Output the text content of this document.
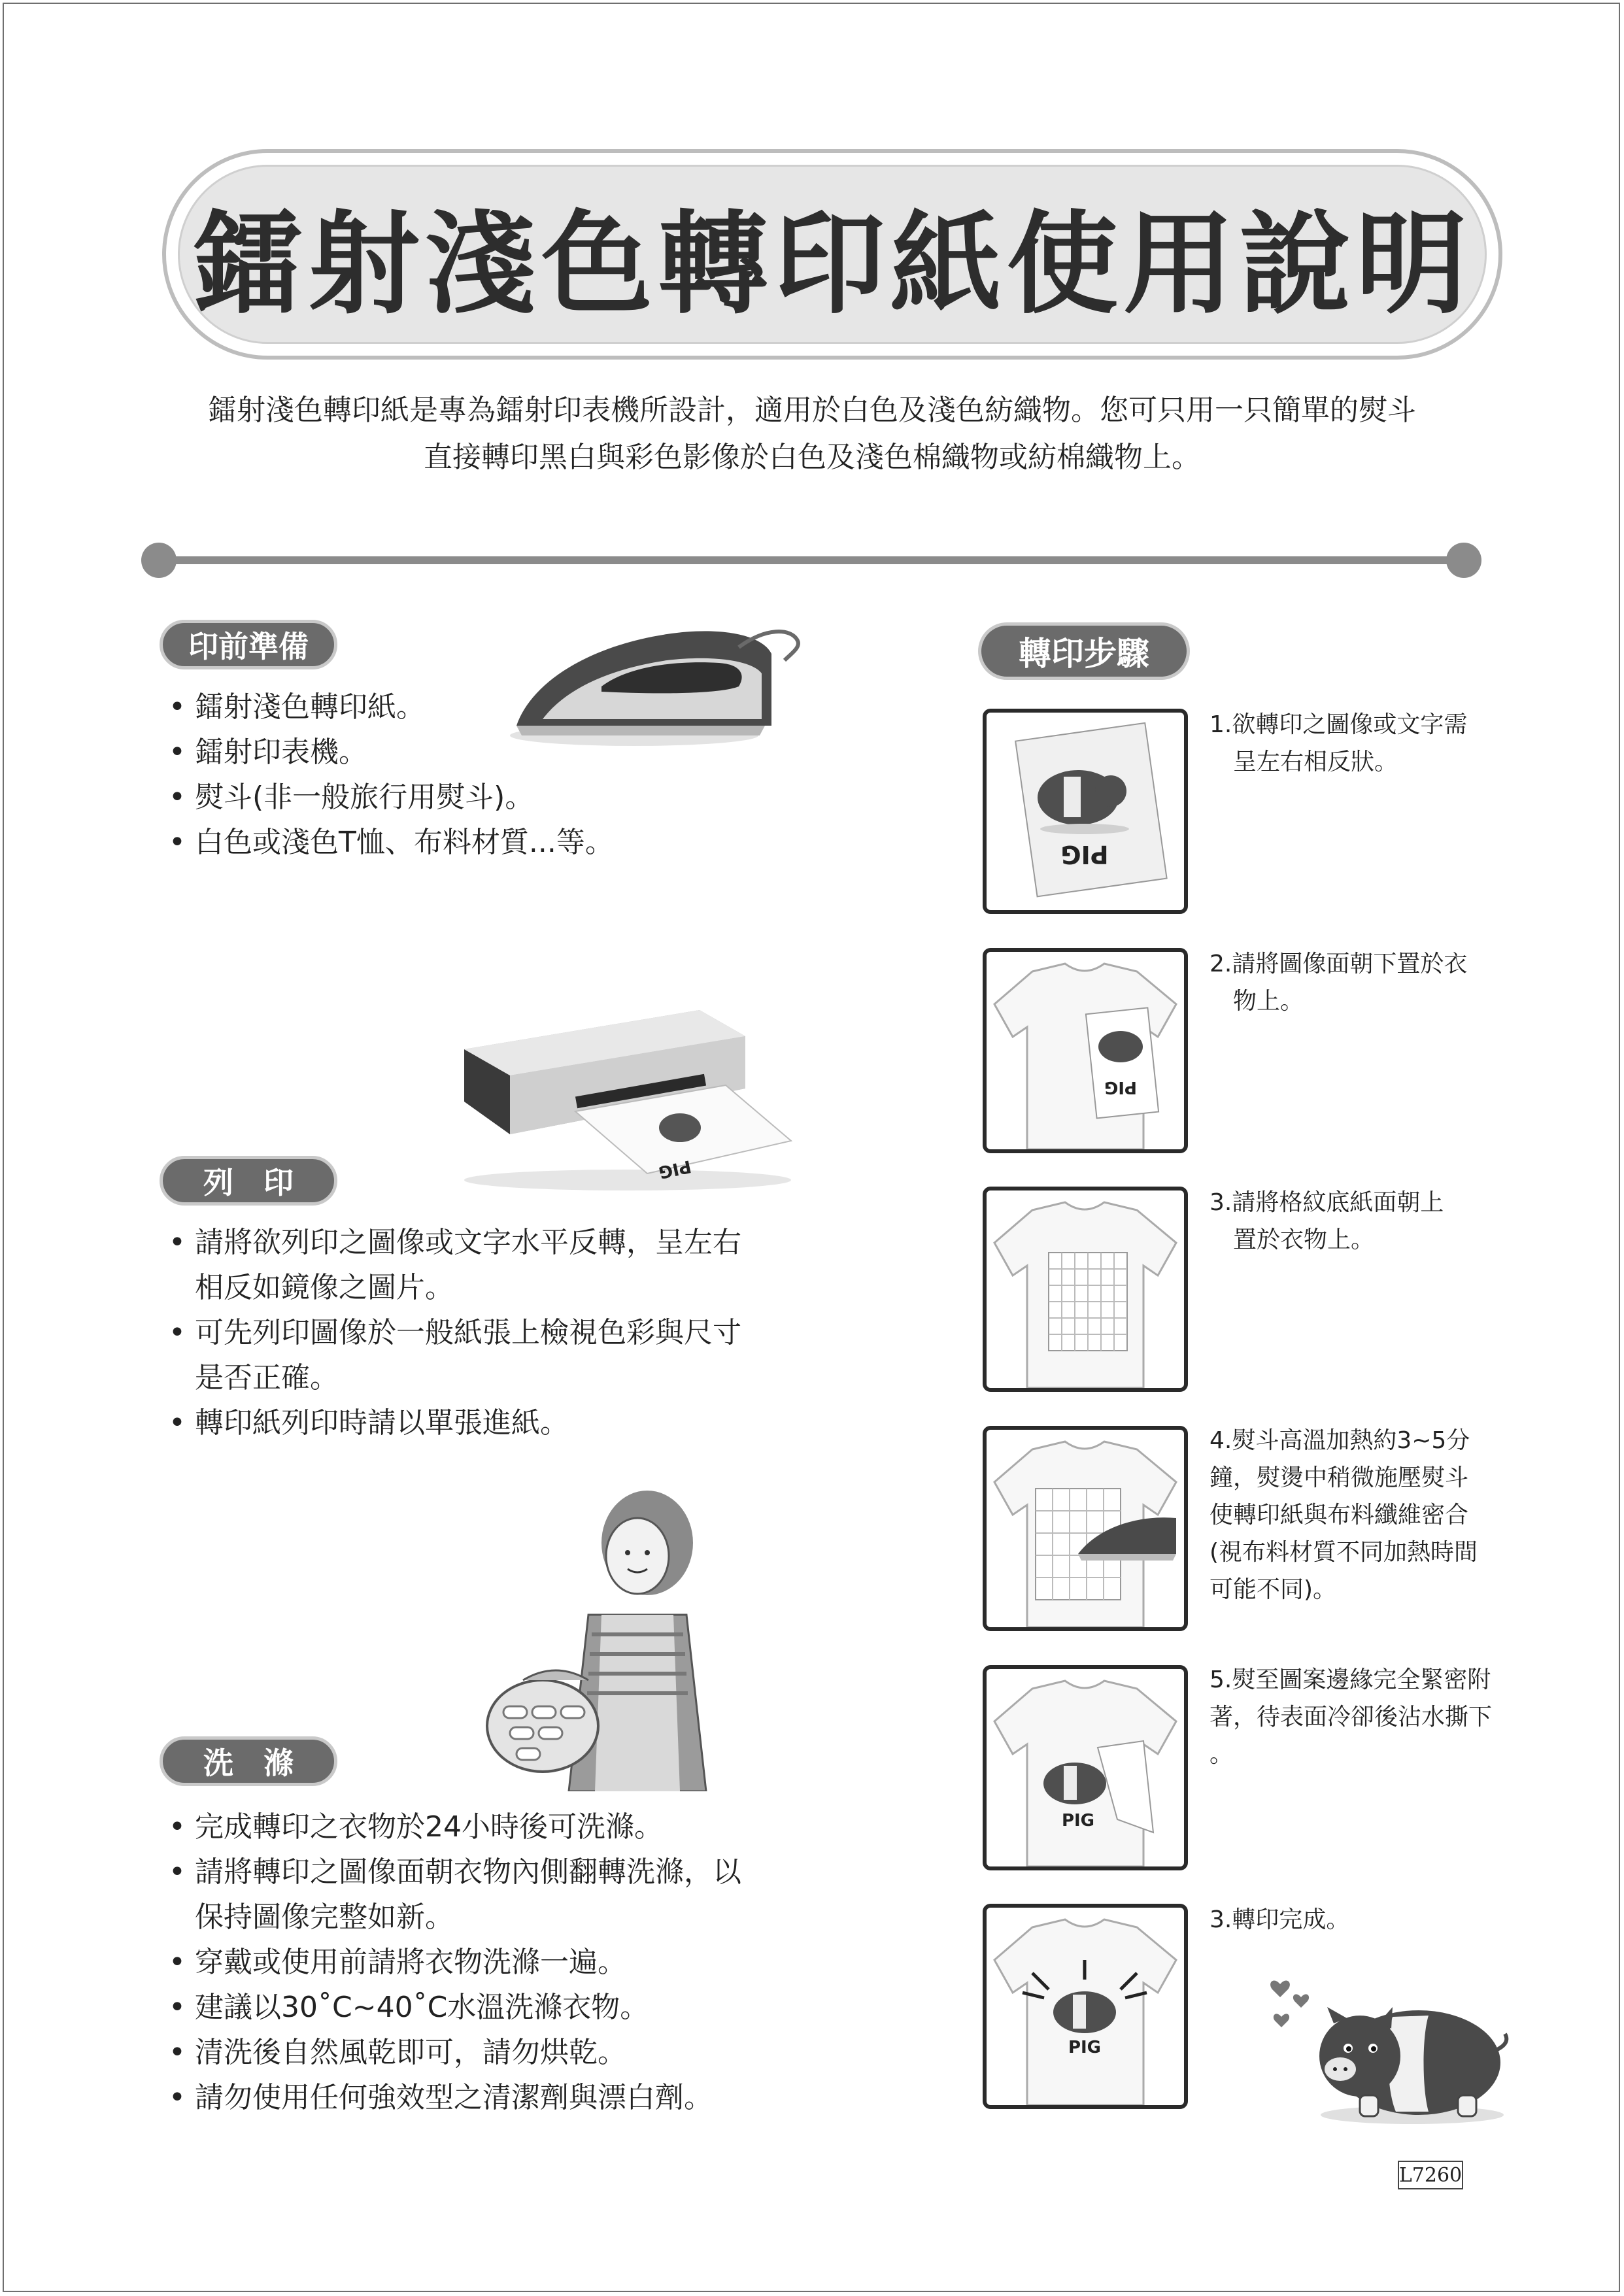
鐳射淺色轉印紙使用說明
鐳射淺色轉印紙是專為鐳射印表機所設計，適用於白色及淺色紡織物。您可只用一只簡單的熨斗
直接轉印黑白與彩色影像於白色及淺色棉織物或紡棉織物上。
印前準備
• 鐳射淺色轉印紙。
• 鐳射印表機。
• 熨斗(非一般旅行用熨斗)。
• 白色或淺色T恤、布料材質...等。
PIG
列　印
• 請將欲列印之圖像或文字水平反轉，呈左右
相反如鏡像之圖片。
• 可先列印圖像於一般紙張上檢視色彩與尺寸
是否正確。
• 轉印紙列印時請以單張進紙。
洗　滌
• 完成轉印之衣物於24小時後可洗滌。
• 請將轉印之圖像面朝衣物內側翻轉洗滌，以
保持圖像完整如新。
• 穿戴或使用前請將衣物洗滌一遍。
• 建議以30˚C~40˚C水溫洗滌衣物。
• 清洗後自然風乾即可，請勿烘乾。
• 請勿使用任何強效型之清潔劑與漂白劑。
轉印步驟
PIG
1.欲轉印之圖像或文字需
　呈左右相反狀。
PIG
2.請將圖像面朝下置於衣
　物上。
3.請將格紋底紙面朝上
　置於衣物上。
4.熨斗高溫加熱約3~5分
鐘，熨燙中稍微施壓熨斗
使轉印紙與布料纖維密合
(視布料材質不同加熱時間
可能不同)。
PIG
5.熨至圖案邊緣完全緊密附
著，待表面冷卻後沾水撕下
。
PIG
3.轉印完成。
L7260
